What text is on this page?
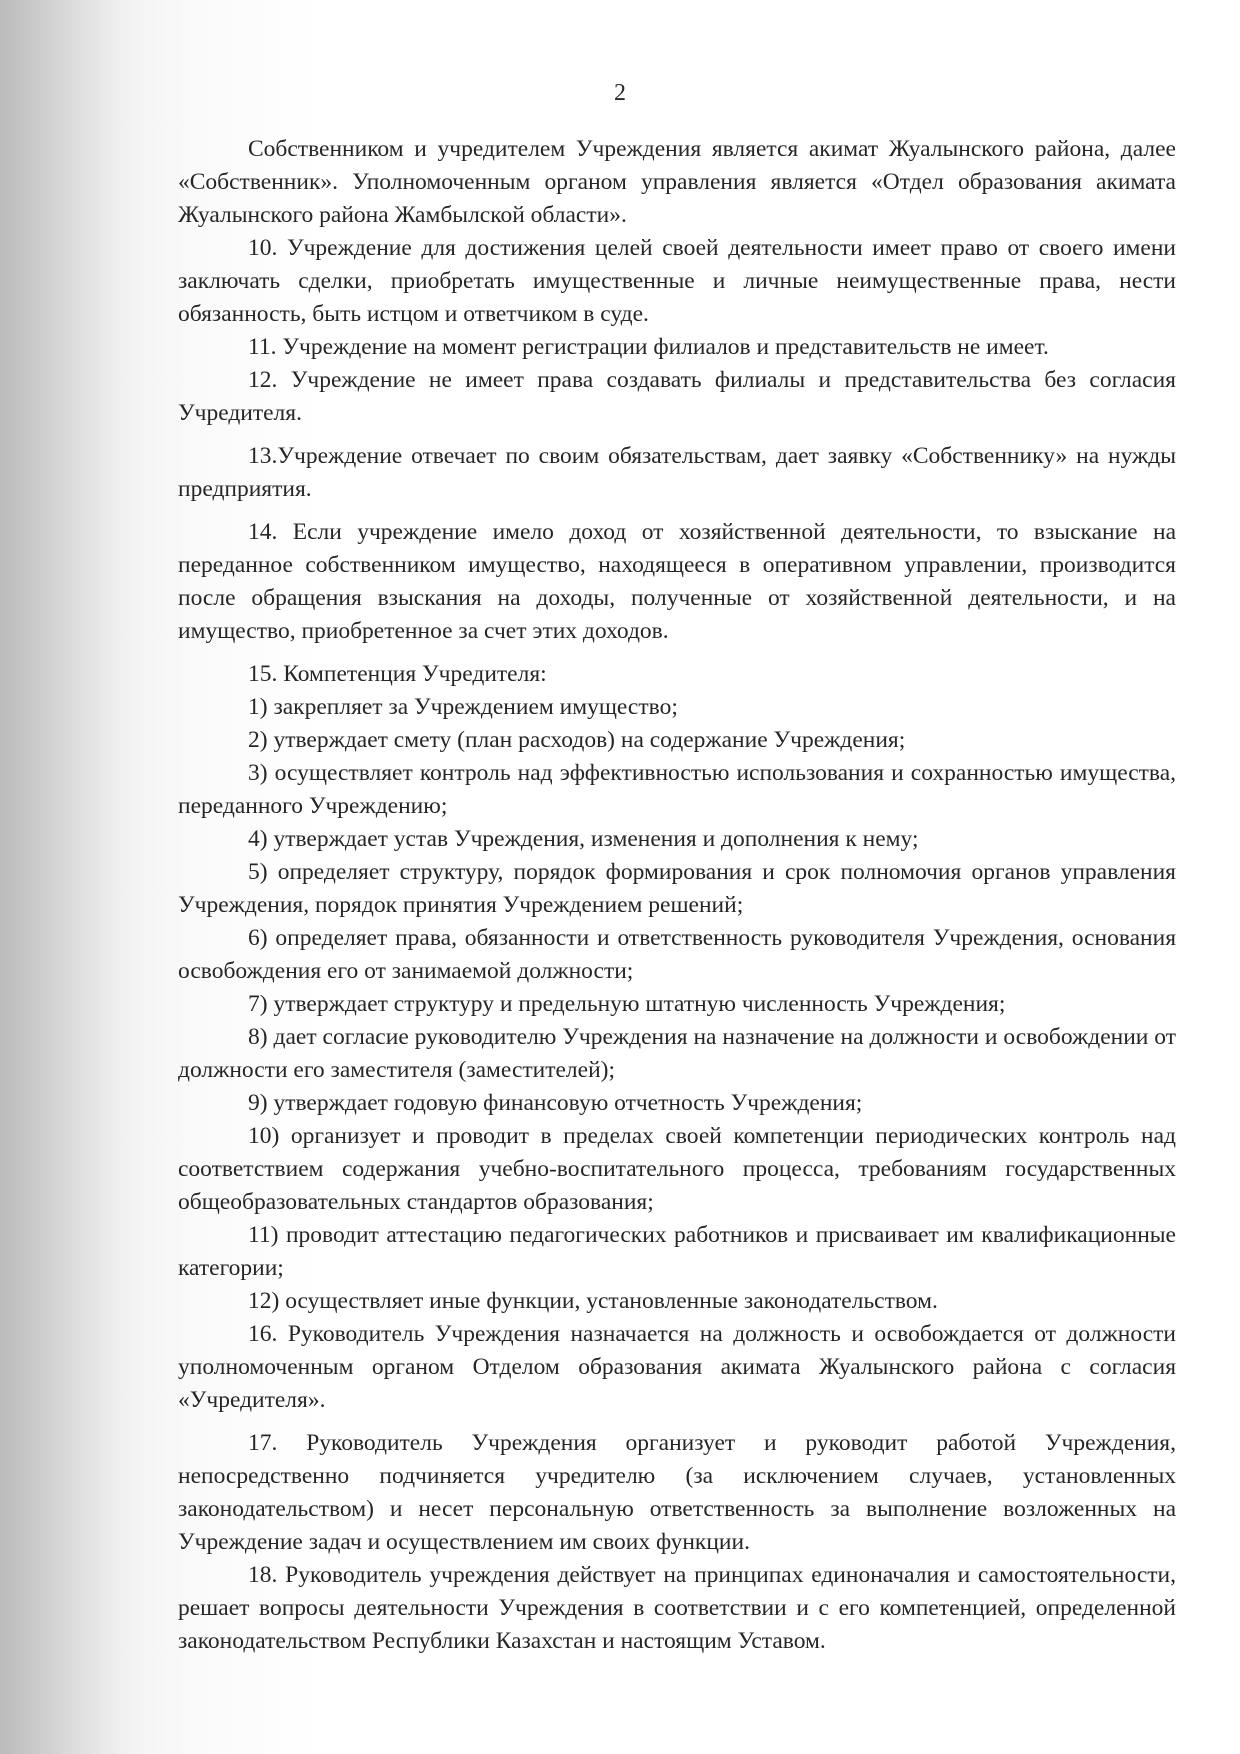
2

Собственником и учредителем Учреждения является акимат Жуалынского района, далее «Собственник». Уполномоченным органом управления является «Отдел образования акимата Жуалынского района Жамбылской области».

10. Учреждение для достижения целей своей деятельности имеет право от своего имени заключать сделки, приобретать имущественные и личные неимущественные права, нести обязанность, быть истцом и ответчиком в суде.

11. Учреждение на момент регистрации филиалов и представительств не имеет.

12. Учреждение не имеет права создавать филиалы и представительства без согласия Учредителя.

13.Учреждение отвечает по своим обязательствам, дает заявку «Собственнику» на нужды предприятия.

14. Если учреждение имело доход от хозяйственной деятельности, то взыскание на переданное собственником имущество, находящееся в оперативном управлении, производится после обращения взыскания на доходы, полученные от хозяйственной деятельности, и на имущество, приобретенное за счет этих доходов.

15. Компетенция Учредителя:

1) закрепляет за Учреждением имущество;

2) утверждает смету (план расходов) на содержание Учреждения;

3) осуществляет контроль над эффективностью использования и сохранностью имущества, переданного Учреждению;

4) утверждает устав Учреждения, изменения и дополнения к нему;

5) определяет структуру, порядок формирования и срок полномочия органов управления Учреждения, порядок принятия Учреждением решений;

6) определяет права, обязанности и ответственность руководителя Учреждения, основания освобождения его от занимаемой должности;

7) утверждает структуру и предельную штатную численность Учреждения;

8) дает согласие руководителю Учреждения на назначение на должности и освобождении от должности его заместителя (заместителей);

9) утверждает годовую финансовую отчетность Учреждения;

10) организует и проводит в пределах своей компетенции периодических контроль над соответствием содержания учебно-воспитательного процесса, требованиям государственных общеобразовательных стандартов образования;

11) проводит аттестацию педагогических работников и присваивает им квалификационные категории;

12) осуществляет иные функции, установленные законодательством.

16. Руководитель Учреждения назначается на должность и освобождается от должности уполномоченным органом Отделом образования акимата Жуалынского района с согласия «Учредителя».

17. Руководитель Учреждения организует и руководит работой Учреждения, непосредственно подчиняется учредителю (за исключением случаев, установленных законодательством) и несет персональную ответственность за выполнение возложенных на Учреждение задач и осуществлением им своих функции.

18. Руководитель учреждения действует на принципах единоначалия и самостоятельности, решает вопросы деятельности Учреждения в соответствии и с его компетенцией, определенной законодательством Республики Казахстан и настоящим Уставом.
